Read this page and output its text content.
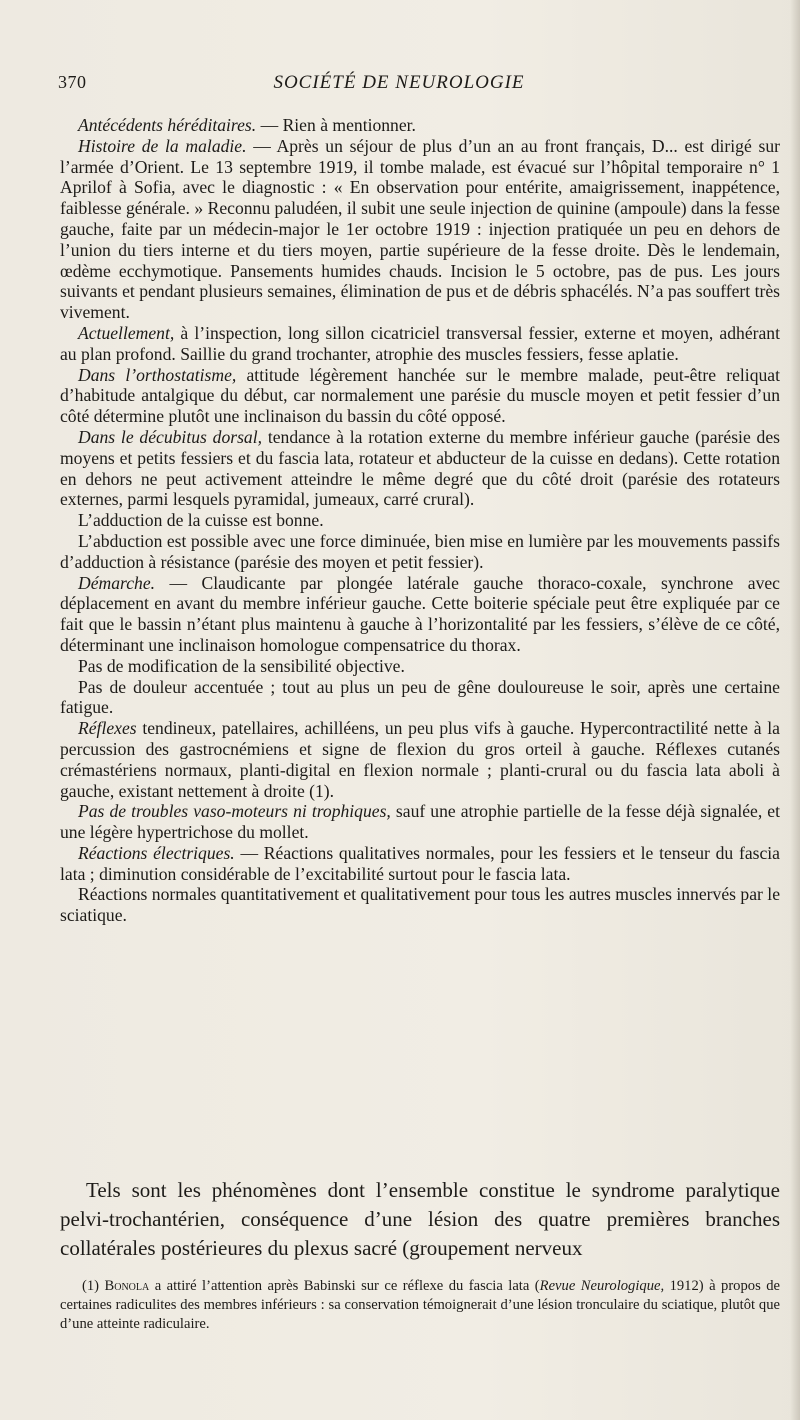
370	SOCIÉTÉ DE NEUROLOGIE

Antécédents héréditaires. — Rien à mentionner.

Histoire de la maladie. — Après un séjour de plus d’un an au front français, D... est dirigé sur l’armée d’Orient. Le 13 septembre 1919, il tombe malade, est évacué sur l’hôpital temporaire n° 1 Aprilof à Sofia, avec le diagnostic : « En observation pour entérite, amaigrissement, inappétence, faiblesse générale. » Reconnu paludéen, il subit une seule injection de quinine (ampoule) dans la fesse gauche, faite par un médecin-major le 1er octobre 1919 : injection pratiquée un peu en dehors de l’union du tiers interne et du tiers moyen, partie supérieure de la fesse droite. Dès le lendemain, œdème ecchymotique. Pansements humides chauds. Incision le 5 octobre, pas de pus. Les jours suivants et pendant plusieurs semaines, élimination de pus et de débris sphacélés. N’a pas souffert très vivement.

Actuellement, à l’inspection, long sillon cicatriciel transversal fessier, externe et moyen, adhérant au plan profond. Saillie du grand trochanter, atrophie des muscles fessiers, fesse aplatie.

Dans l’orthostatisme, attitude légèrement hanchée sur le membre malade, peut-être reliquat d’habitude antalgique du début, car normalement une parésie du muscle moyen et petit fessier d’un côté détermine plutôt une inclinaison du bassin du côté opposé.

Dans le décubitus dorsal, tendance à la rotation externe du membre inférieur gauche (parésie des moyens et petits fessiers et du fascia lata, rotateur et abducteur de la cuisse en dedans). Cette rotation en dehors ne peut activement atteindre le même degré que du côté droit (parésie des rotateurs externes, parmi lesquels pyramidal, jumeaux, carré crural).

L’adduction de la cuisse est bonne.

L’abduction est possible avec une force diminuée, bien mise en lumière par les mouvements passifs d’adduction à résistance (parésie des moyen et petit fessier).

Démarche. — Claudicante par plongée latérale gauche thoraco-coxale, synchrone avec déplacement en avant du membre inférieur gauche. Cette boiterie spéciale peut être expliquée par ce fait que le bassin n’étant plus maintenu à gauche à l’horizontalité par les fessiers, s’élève de ce côté, déterminant une inclinaison homologue compensatrice du thorax.

Pas de modification de la sensibilité objective.

Pas de douleur accentuée ; tout au plus un peu de gêne douloureuse le soir, après une certaine fatigue.

Réflexes tendineux, patellaires, achilléens, un peu plus vifs à gauche. Hypercontractilité nette à la percussion des gastrocnémiens et signe de flexion du gros orteil à gauche. Réflexes cutanés crémastériens normaux, planti-digital en flexion normale ; planti-crural ou du fascia lata aboli à gauche, existant nettement à droite (1).

Pas de troubles vaso-moteurs ni trophiques, sauf une atrophie partielle de la fesse déjà signalée, et une légère hypertrichose du mollet.

Réactions électriques. — Réactions qualitatives normales, pour les fessiers et le tenseur du fascia lata ; diminution considérable de l’excitabilité surtout pour le fascia lata.

Réactions normales quantitativement et qualitativement pour tous les autres muscles innervés par le sciatique.

Tels sont les phénomènes dont l’ensemble constitue le syndrome paralytique pelvi-trochantérien, conséquence d’une lésion des quatre premières branches collatérales postérieures du plexus sacré (groupement nerveux

(1) Bonola a attiré l’attention après Babinski sur ce réflexe du fascia lata (Revue Neurologique, 1912) à propos de certaines radiculites des membres inférieurs : sa conservation témoignerait d’une lésion tronculaire du sciatique, plutôt que d’une atteinte radiculaire.
